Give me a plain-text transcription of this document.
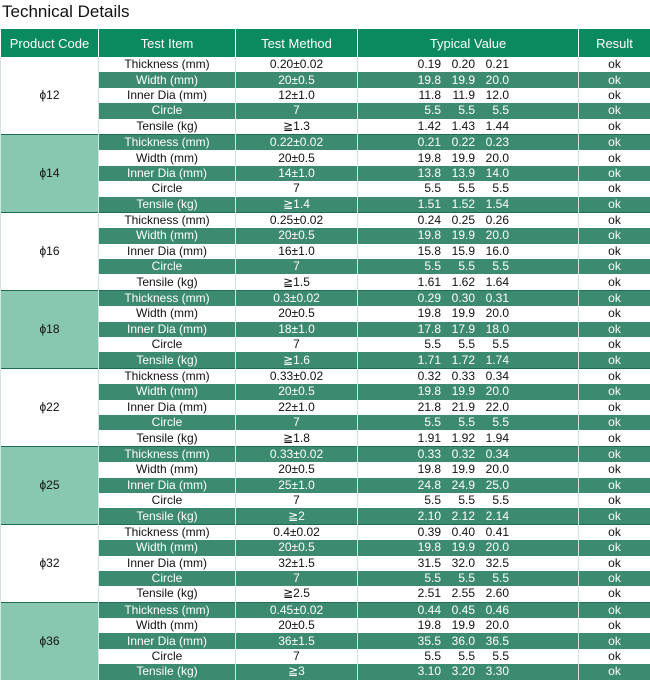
Technical Details
Product Code	Test Item	Test Method	Typical Value	Result
ϕ12	Thickness (mm)	0.20±0.02	0.19 0.20 0.21	ok
	Width (mm)	20±0.5	19.8 19.9 20.0	ok
	Inner Dia (mm)	12±1.0	11.8 11.9 12.0	ok
	Circle	7	5.5 5.5 5.5	ok
	Tensile (kg)	≧1.3	1.42 1.43 1.44	ok
ϕ14	Thickness (mm)	0.22±0.02	0.21 0.22 0.23	ok
	Width (mm)	20±0.5	19.8 19.9 20.0	ok
	Inner Dia (mm)	14±1.0	13.8 13.9 14.0	ok
	Circle	7	5.5 5.5 5.5	ok
	Tensile (kg)	≧1.4	1.51 1.52 1.54	ok
ϕ16	Thickness (mm)	0.25±0.02	0.24 0.25 0.26	ok
	Width (mm)	20±0.5	19.8 19.9 20.0	ok
	Inner Dia (mm)	16±1.0	15.8 15.9 16.0	ok
	Circle	7	5.5 5.5 5.5	ok
	Tensile (kg)	≧1.5	1.61 1.62 1.64	ok
ϕ18	Thickness (mm)	0.3±0.02	0.29 0.30 0.31	ok
	Width (mm)	20±0.5	19.8 19.9 20.0	ok
	Inner Dia (mm)	18±1.0	17.8 17.9 18.0	ok
	Circle	7	5.5 5.5 5.5	ok
	Tensile (kg)	≧1.6	1.71 1.72 1.74	ok
ϕ22	Thickness (mm)	0.33±0.02	0.32 0.33 0.34	ok
	Width (mm)	20±0.5	19.8 19.9 20.0	ok
	Inner Dia (mm)	22±1.0	21.8 21.9 22.0	ok
	Circle	7	5.5 5.5 5.5	ok
	Tensile (kg)	≧1.8	1.91 1.92 1.94	ok
ϕ25	Thickness (mm)	0.33±0.02	0.33 0.32 0.34	ok
	Width (mm)	20±0.5	19.8 19.9 20.0	ok
	Inner Dia (mm)	25±1.0	24.8 24.9 25.0	ok
	Circle	7	5.5 5.5 5.5	ok
	Tensile (kg)	≧2	2.10 2.12 2.14	ok
ϕ32	Thickness (mm)	0.4±0.02	0.39 0.40 0.41	ok
	Width (mm)	20±0.5	19.8 19.9 20.0	ok
	Inner Dia (mm)	32±1.5	31.5 32.0 32.5	ok
	Circle	7	5.5 5.5 5.5	ok
	Tensile (kg)	≧2.5	2.51 2.55 2.60	ok
ϕ36	Thickness (mm)	0.45±0.02	0.44 0.45 0.46	ok
	Width (mm)	20±0.5	19.8 19.9 20.0	ok
	Inner Dia (mm)	36±1.5	35.5 36.0 36.5	ok
	Circle	7	5.5 5.5 5.5	ok
	Tensile (kg)	≧3	3.10 3.20 3.30	ok
